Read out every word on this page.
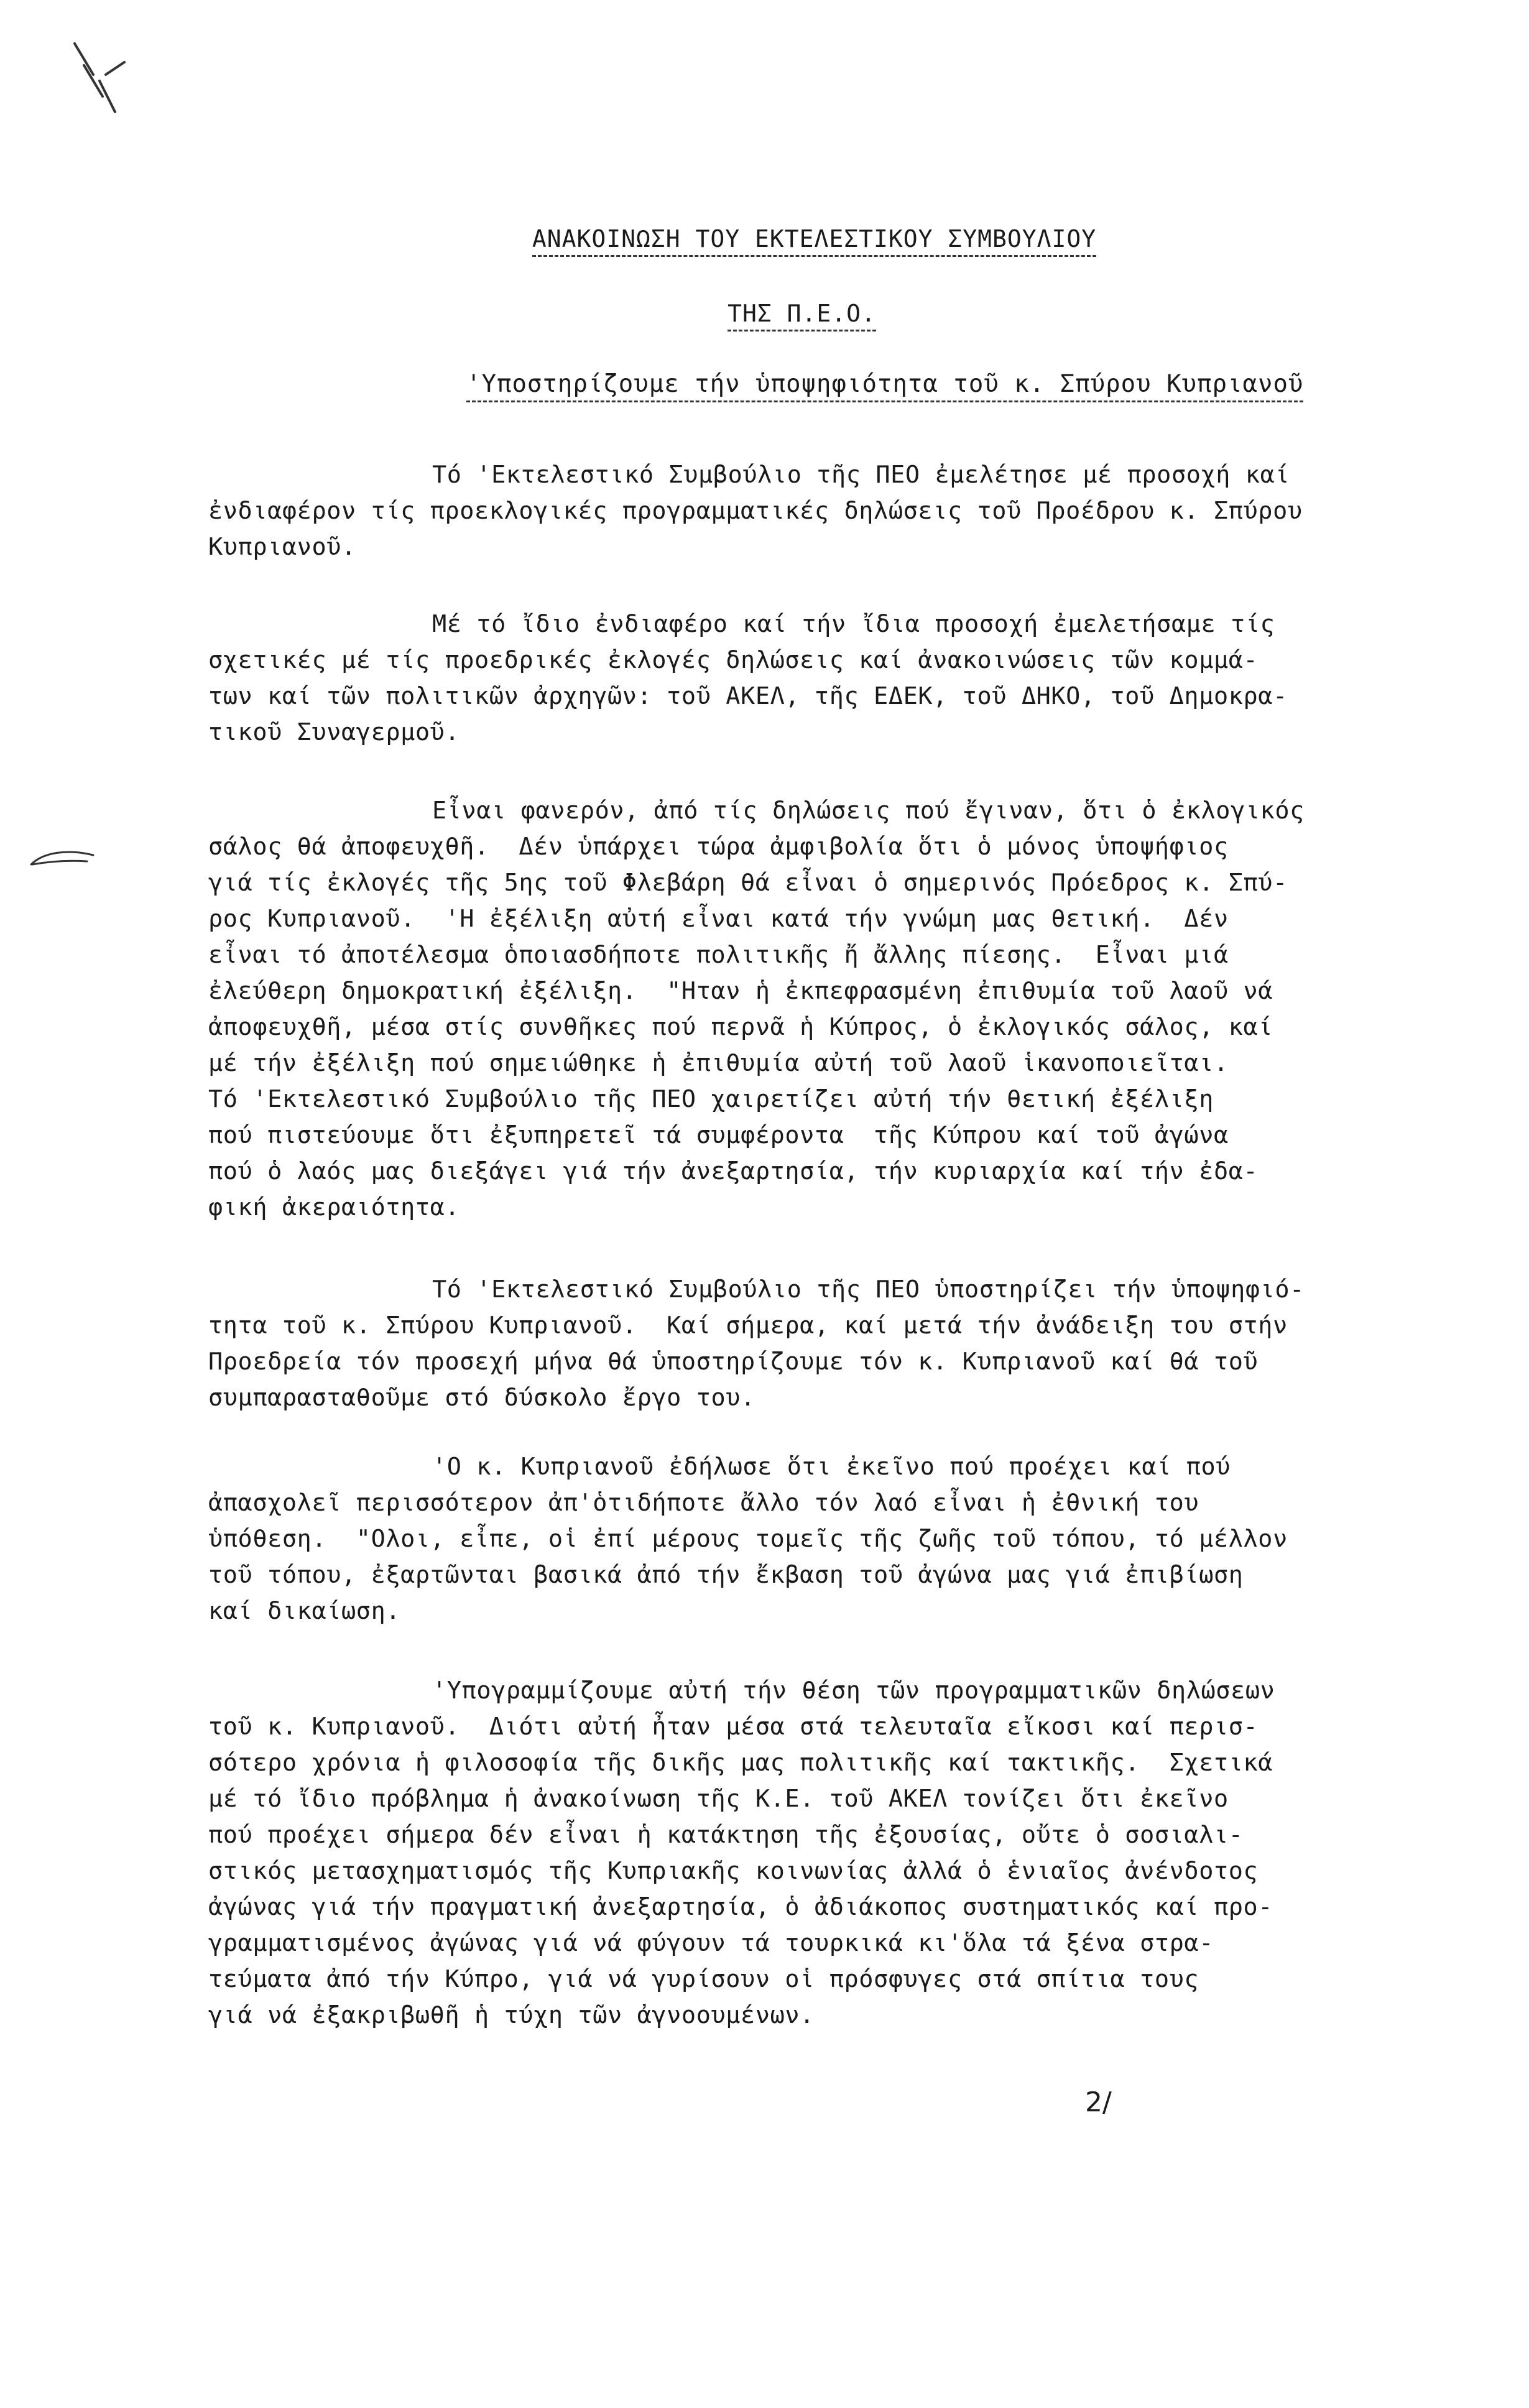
ΑΝΑΚΟΙΝΩΣΗ ΤΟΥ ΕΚΤΕΛΕΣΤΙΚΟΥ ΣΥΜΒΟΥΛΙΟΥ
ΤΗΣ Π.Ε.Ο.
'Υποστηρίζουμε τήν ὑποψηφιότητα τοῦ κ. Σπύρου Κυπριανοῦ
Τό 'Εκτελεστικό Συμβούλιο τῆς ΠΕΟ ἐμελέτησε μέ προσοχή καί
ἐνδιαφέρον τίς προεκλογικές προγραμματικές δηλώσεις τοῦ Προέδρου κ. Σπύρου
Κυπριανοῦ.
Μέ τό ἴδιο ἐνδιαφέρο καί τήν ἴδια προσοχή ἐμελετήσαμε τίς
σχετικές μέ τίς προεδρικές ἐκλογές δηλώσεις καί ἀνακοινώσεις τῶν κομμά-
των καί τῶν πολιτικῶν ἀρχηγῶν: τοῦ ΑΚΕΛ, τῆς ΕΔΕΚ, τοῦ ΔΗΚΟ, τοῦ Δημοκρα-
τικοῦ Συναγερμοῦ.
Εἶναι φανερόν, ἀπό τίς δηλώσεις πού ἔγιναν, ὅτι ὁ ἐκλογικός
σάλος θά ἀποφευχθῆ.  Δέν ὑπάρχει τώρα ἀμφιβολία ὅτι ὁ μόνος ὑποψήφιος
γιά τίς ἐκλογές τῆς 5ης τοῦ Φλεβάρη θά εἶναι ὁ σημερινός Πρόεδρος κ. Σπύ-
ρος Κυπριανοῦ.  'Η ἐξέλιξη αὐτή εἶναι κατά τήν γνώμη μας θετική.  Δέν
εἶναι τό ἀποτέλεσμα ὁποιασδήποτε πολιτικῆς ἤ ἄλλης πίεσης.  Εἶναι μιά
ἐλεύθερη δημοκρατική ἐξέλιξη.  "Ηταν ἡ ἐκπεφρασμένη ἐπιθυμία τοῦ λαοῦ νά
ἀποφευχθῆ, μέσα στίς συνθῆκες πού περνᾶ ἡ Κύπρος, ὁ ἐκλογικός σάλος, καί
μέ τήν ἐξέλιξη πού σημειώθηκε ἡ ἐπιθυμία αὐτή τοῦ λαοῦ ἱκανοποιεῖται.
Τό 'Εκτελεστικό Συμβούλιο τῆς ΠΕΟ χαιρετίζει αὐτή τήν θετική ἐξέλιξη
πού πιστεύουμε ὅτι ἐξυπηρετεῖ τά συμφέροντα  τῆς Κύπρου καί τοῦ ἀγώνα
πού ὁ λαός μας διεξάγει γιά τήν ἀνεξαρτησία, τήν κυριαρχία καί τήν ἐδα-
φική ἀκεραιότητα.
Τό 'Εκτελεστικό Συμβούλιο τῆς ΠΕΟ ὑποστηρίζει τήν ὑποψηφιό-
τητα τοῦ κ. Σπύρου Κυπριανοῦ.  Καί σήμερα, καί μετά τήν ἀνάδειξη του στήν
Προεδρεία τόν προσεχή μήνα θά ὑποστηρίζουμε τόν κ. Κυπριανοῦ καί θά τοῦ
συμπαρασταθοῦμε στό δύσκολο ἔργο του.
'Ο κ. Κυπριανοῦ ἐδήλωσε ὅτι ἐκεῖνο πού προέχει καί πού
ἀπασχολεῖ περισσότερον ἀπ'ὁτιδήποτε ἄλλο τόν λαό εἶναι ἡ ἐθνική του
ὑπόθεση.  "Ολοι, εἶπε, οἱ ἐπί μέρους τομεῖς τῆς ζωῆς τοῦ τόπου, τό μέλλον
τοῦ τόπου, ἐξαρτῶνται βασικά ἀπό τήν ἔκβαση τοῦ ἀγώνα μας γιά ἐπιβίωση
καί δικαίωση.
'Υπογραμμίζουμε αὐτή τήν θέση τῶν προγραμματικῶν δηλώσεων
τοῦ κ. Κυπριανοῦ.  Διότι αὐτή ἦταν μέσα στά τελευταῖα εἴκοσι καί περισ-
σότερο χρόνια ἡ φιλοσοφία τῆς δικῆς μας πολιτικῆς καί τακτικῆς.  Σχετικά
μέ τό ἴδιο πρόβλημα ἡ ἀνακοίνωση τῆς Κ.Ε. τοῦ ΑΚΕΛ τονίζει ὅτι ἐκεῖνο
πού προέχει σήμερα δέν εἶναι ἡ κατάκτηση τῆς ἐξουσίας, οὔτε ὁ σοσιαλι-
στικός μετασχηματισμός τῆς Κυπριακῆς κοινωνίας ἀλλά ὁ ἑνιαῖος ἀνένδοτος
ἀγώνας γιά τήν πραγματική ἀνεξαρτησία, ὁ ἀδιάκοπος συστηματικός καί προ-
γραμματισμένος ἀγώνας γιά νά φύγουν τά τουρκικά κι'ὅλα τά ξένα στρα-
τεύματα ἀπό τήν Κύπρο, γιά νά γυρίσουν οἱ πρόσφυγες στά σπίτια τους
γιά νά ἐξακριβωθῆ ἡ τύχη τῶν ἀγνοουμένων.
2/
